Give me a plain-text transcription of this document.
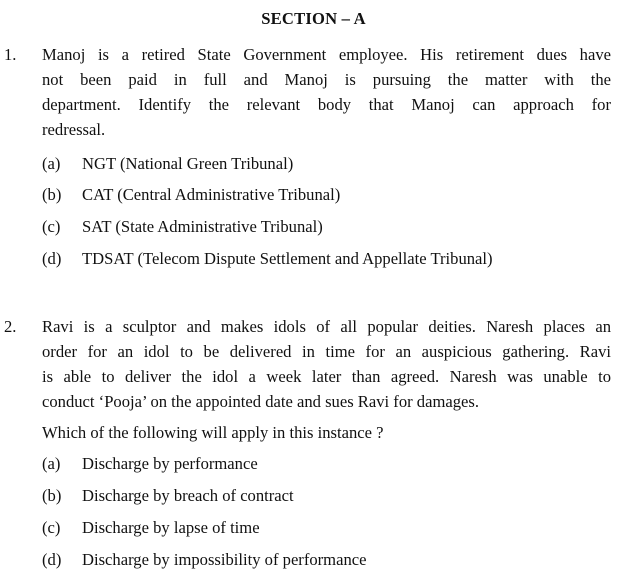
SECTION – A
1. Manoj is a retired State Government employee. His retirement dues have
not been paid in full and Manoj is pursuing the matter with the
department. Identify the relevant body that Manoj can approach for
redressal.
(a) NGT (National Green Tribunal)
(b) CAT (Central Administrative Tribunal)
(c) SAT (State Administrative Tribunal)
(d) TDSAT (Telecom Dispute Settlement and Appellate Tribunal)
2. Ravi is a sculptor and makes idols of all popular deities. Naresh places an
order for an idol to be delivered in time for an auspicious gathering. Ravi
is able to deliver the idol a week later than agreed. Naresh was unable to
conduct ‘Pooja’ on the appointed date and sues Ravi for damages.
Which of the following will apply in this instance ?
(a) Discharge by performance
(b) Discharge by breach of contract
(c) Discharge by lapse of time
(d) Discharge by impossibility of performance
